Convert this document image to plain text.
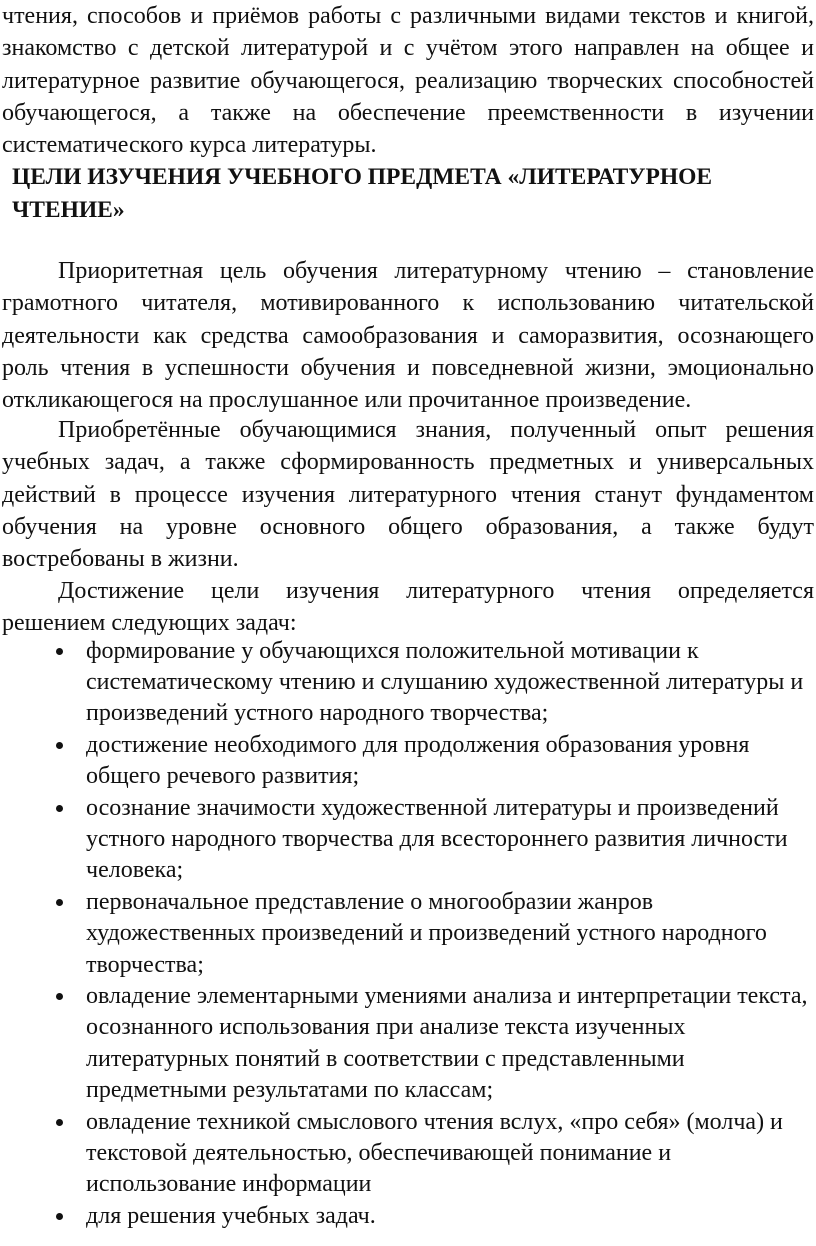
чтения, способов и приёмов работы с различными видами текстов и книгой, знакомство с детской литературой и с учётом этого направлен на общее и литературное развитие обучающегося, реализацию творческих способностей обучающегося, а также на обеспечение преемственности в изучении систематического курса литературы.

ЦЕЛИ ИЗУЧЕНИЯ УЧЕБНОГО ПРЕДМЕТА «ЛИТЕРАТУРНОЕ ЧТЕНИЕ»

Приоритетная цель обучения литературному чтению – становление грамотного читателя, мотивированного к использованию читательской деятельности как средства самообразования и саморазвития, осознающего роль чтения в успешности обучения и повседневной жизни, эмоционально откликающегося на прослушанное или прочитанное произведение.

Приобретённые обучающимися знания, полученный опыт решения учебных задач, а также сформированность предметных и универсальных действий в процессе изучения литературного чтения станут фундаментом обучения на уровне основного общего образования, а также будут востребованы в жизни.

Достижение цели изучения литературного чтения определяется решением следующих задач:

формирование у обучающихся положительной мотивации к систематическому чтению и слушанию художественной литературы и произведений устного народного творчества;
достижение необходимого для продолжения образования уровня общего речевого развития;
осознание значимости художественной литературы и произведений устного народного творчества для всестороннего развития личности человека;
первоначальное представление о многообразии жанров художественных произведений и произведений устного народного творчества;
овладение элементарными умениями анализа и интерпретации текста, осознанного использования при анализе текста изученных литературных понятий в соответствии с представленными предметными результатами по классам;
овладение техникой смыслового чтения вслух, «про себя» (молча) и текстовой деятельностью, обеспечивающей понимание и использование информации
для решения учебных задач.
